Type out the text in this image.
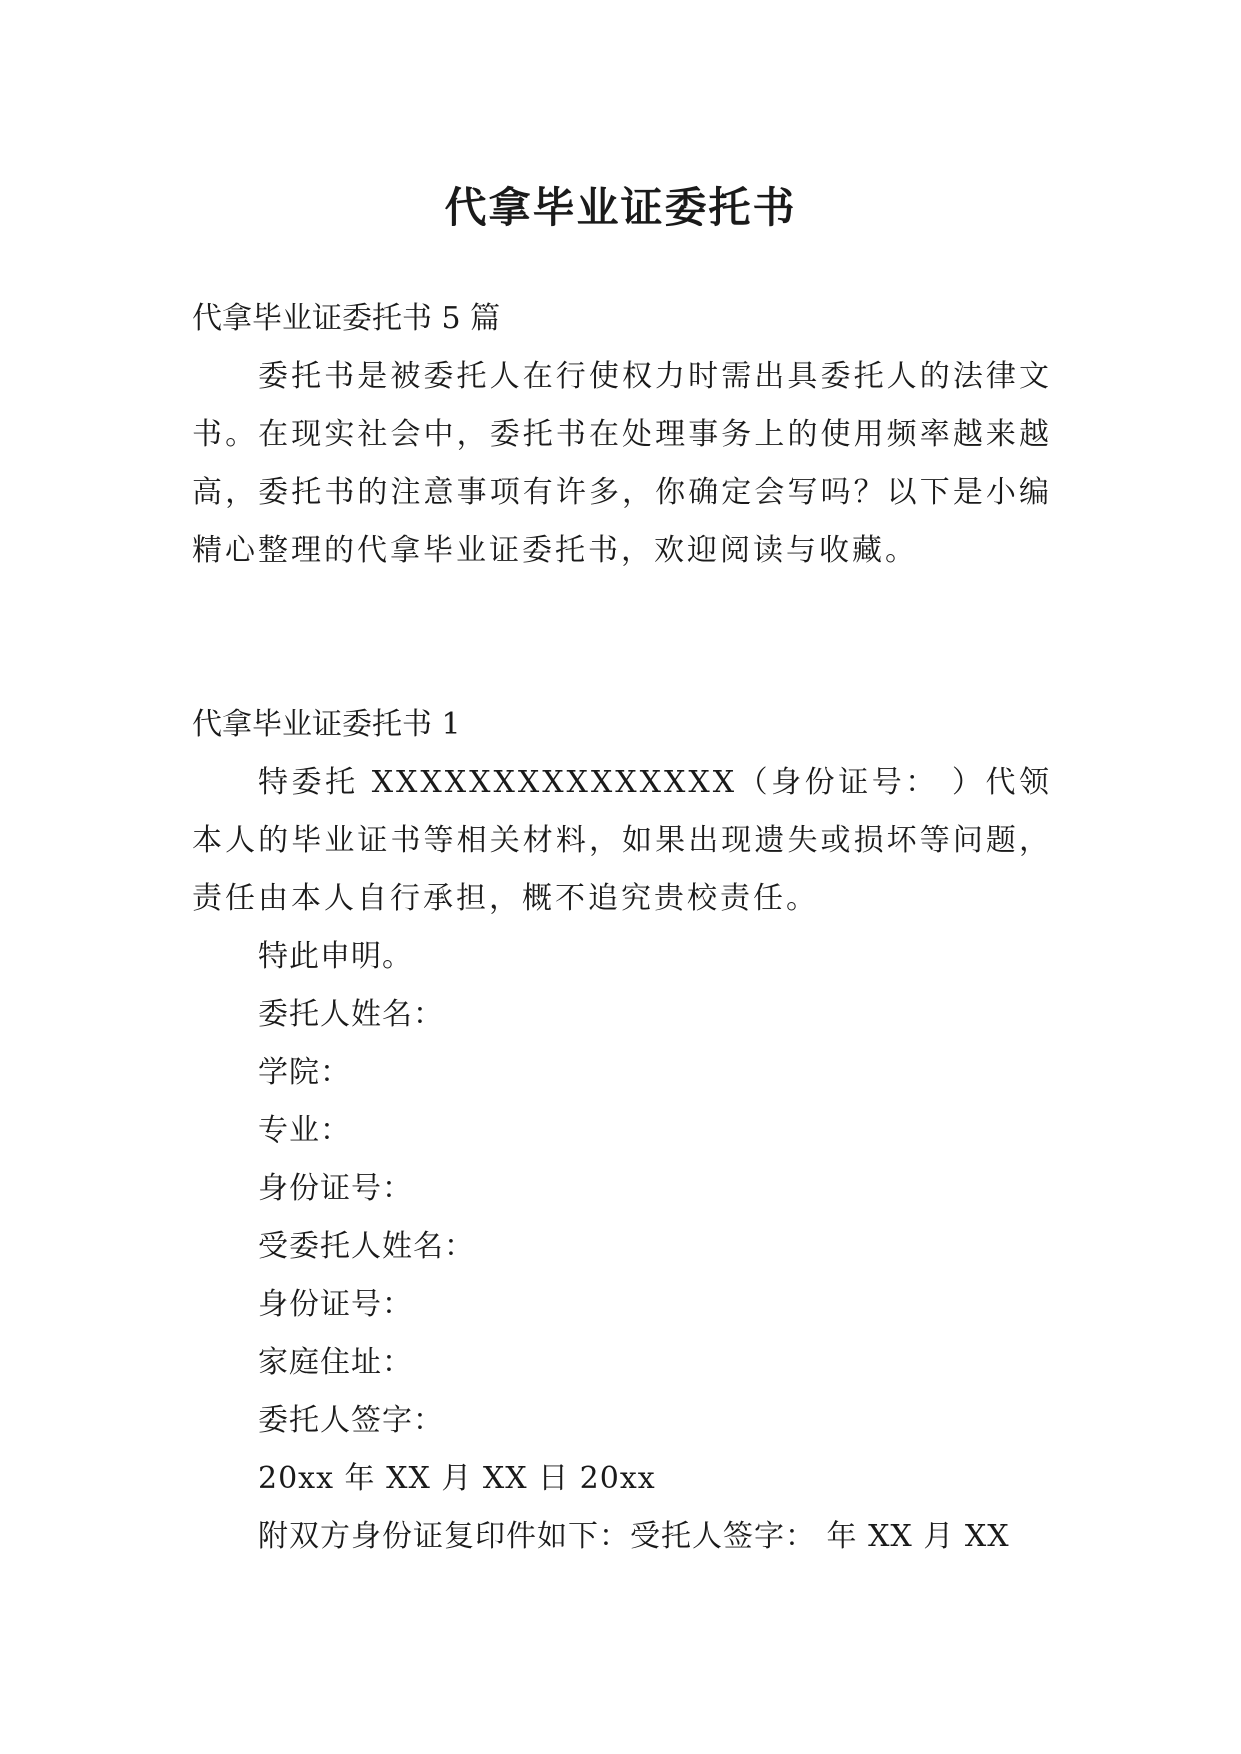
代拿毕业证委托书

代拿毕业证委托书 5 篇

委托书是被委托人在行使权力时需出具委托人的法律文书。在现实社会中，委托书在处理事务上的使用频率越来越高，委托书的注意事项有许多，你确定会写吗？以下是小编精心整理的代拿毕业证委托书，欢迎阅读与收藏。

代拿毕业证委托书 1

特委托 XXXXXXXXXXXXXXX（身份证号： ）代领本人的毕业证书等相关材料，如果出现遗失或损坏等问题，责任由本人自行承担，概不追究贵校责任。

特此申明。

委托人姓名：

学院：

专业：

身份证号：

受委托人姓名：

身份证号：

家庭住址：

委托人签字：

20xx 年 XX 月 XX 日 20xx

附双方身份证复印件如下：受托人签字： 年 XX 月 XX
